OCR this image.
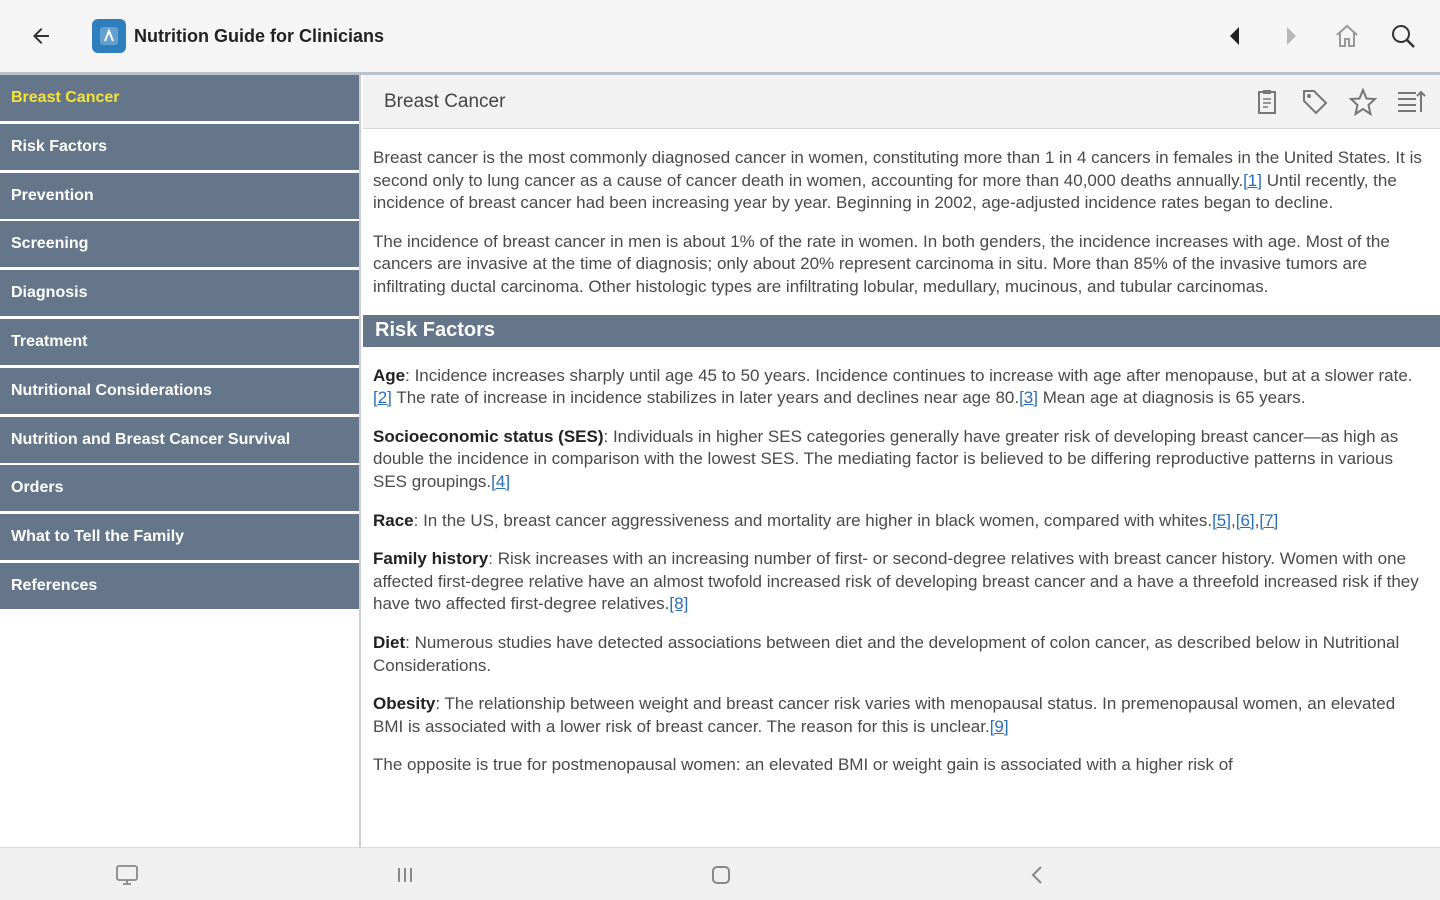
Nutrition Guide for Clinicians
Breast Cancer
Risk Factors
Prevention
Screening
Diagnosis
Treatment
Nutritional Considerations
Nutrition and Breast Cancer Survival
Orders
What to Tell the Family
References
Breast Cancer

Breast cancer is the most commonly diagnosed cancer in women, constituting more than 1 in 4 cancers in females in the United States. It is second only to lung cancer as a cause of cancer death in women, accounting for more than 40,000 deaths annually.[1] Until recently, the incidence of breast cancer had been increasing year by year. Beginning in 2002, age-adjusted incidence rates began to decline.

The incidence of breast cancer in men is about 1% of the rate in women. In both genders, the incidence increases with age. Most of the cancers are invasive at the time of diagnosis; only about 20% represent carcinoma in situ. More than 85% of the invasive tumors are infiltrating ductal carcinoma. Other histologic types are infiltrating lobular, medullary, mucinous, and tubular carcinomas.

Risk Factors

Age: Incidence increases sharply until age 45 to 50 years. Incidence continues to increase with age after menopause, but at a slower rate.[2] The rate of increase in incidence stabilizes in later years and declines near age 80.[3] Mean age at diagnosis is 65 years.

Socioeconomic status (SES): Individuals in higher SES categories generally have greater risk of developing breast cancer—as high as double the incidence in comparison with the lowest SES. The mediating factor is believed to be differing reproductive patterns in various SES groupings.[4]

Race: In the US, breast cancer aggressiveness and mortality are higher in black women, compared with whites.[5],[6],[7]

Family history: Risk increases with an increasing number of first- or second-degree relatives with breast cancer history. Women with one affected first-degree relative have an almost twofold increased risk of developing breast cancer and a have a threefold increased risk if they have two affected first-degree relatives.[8]

Diet: Numerous studies have detected associations between diet and the development of colon cancer, as described below in Nutritional Considerations.

Obesity: The relationship between weight and breast cancer risk varies with menopausal status. In premenopausal women, an elevated BMI is associated with a lower risk of breast cancer. The reason for this is unclear.[9]

The opposite is true for postmenopausal women: an elevated BMI or weight gain is associated with a higher risk of
